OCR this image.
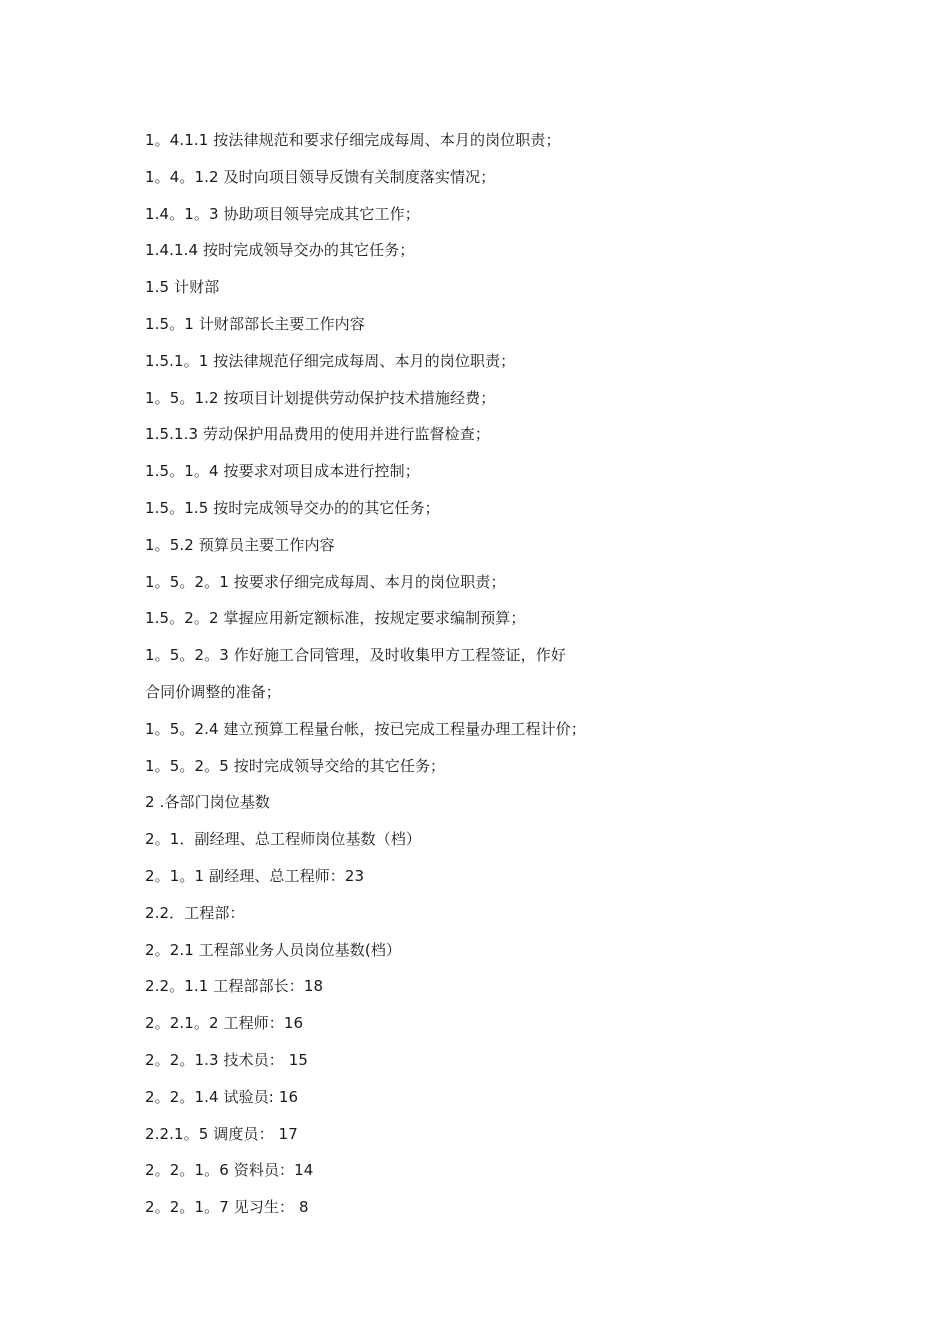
1。4.1.1 按法律规范和要求仔细完成每周、本月的岗位职责；
1。4。1.2 及时向项目领导反馈有关制度落实情况；
1.4。1。3 协助项目领导完成其它工作；
1.4.1.4 按时完成领导交办的其它任务；
1.5 计财部
1.5。1 计财部部长主要工作内容
1.5.1。1 按法律规范仔细完成每周、本月的岗位职责；
1。5。1.2 按项目计划提供劳动保护技术措施经费；
1.5.1.3 劳动保护用品费用的使用并进行监督检查；
1.5。1。4 按要求对项目成本进行控制；
1.5。1.5 按时完成领导交办的的其它任务；
1。5.2 预算员主要工作内容
1。5。2。1 按要求仔细完成每周、本月的岗位职责；
1.5。2。2 掌握应用新定额标准，按规定要求编制预算；
1。5。2。3 作好施工合同管理，及时收集甲方工程签证，作好
合同价调整的准备；
1。5。2.4 建立预算工程量台帐，按已完成工程量办理工程计价；
1。5。2。5 按时完成领导交给的其它任务；
2 .各部门岗位基数
2。1．副经理、总工程师岗位基数（档）
2。1。1 副经理、总工程师：23
2.2．工程部：
2。2.1 工程部业务人员岗位基数(档）
2.2。1.1 工程部部长：18
2。2.1。2 工程师：16
2。2。1.3 技术员： 15
2。2。1.4 试验员: 16
2.2.1。5 调度员： 17
2。2。1。6 资料员：14
2。2。1。7 见习生： 8
